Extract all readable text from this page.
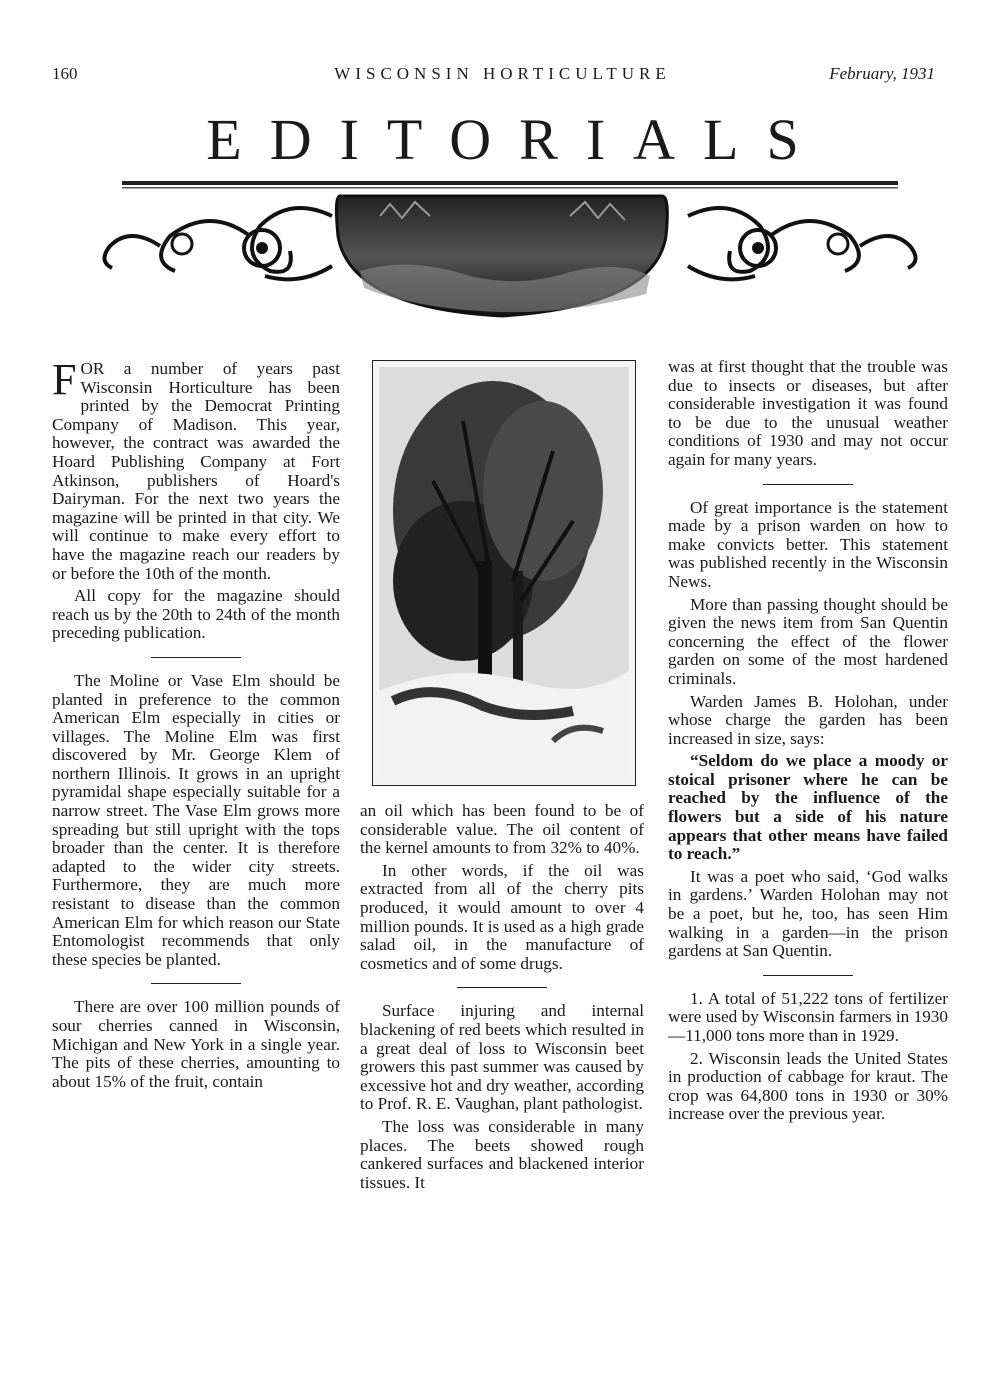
160	WISCONSIN HORTICULTURE	February, 1931
EDITORIALS

FOR a number of years past Wisconsin Horticulture has been printed by the Democrat Printing Company of Madison. This year, however, the contract was awarded the Hoard Publishing Company at Fort Atkinson, publishers of Hoard's Dairyman. For the next two years the magazine will be printed in that city. We will continue to make every effort to have the magazine reach our readers by or before the 10th of the month.

All copy for the magazine should reach us by the 20th to 24th of the month preceding publication.

The Moline or Vase Elm should be planted in preference to the common American Elm especially in cities or villages. The Moline Elm was first discovered by Mr. George Klem of northern Illinois. It grows in an upright pyramidal shape especially suitable for a narrow street. The Vase Elm grows more spreading but still upright with the tops broader than the center. It is therefore adapted to the wider city streets. Furthermore, they are much more resistant to disease than the common American Elm for which reason our State Entomologist recommends that only these species be planted.

There are over 100 million pounds of sour cherries canned in Wisconsin, Michigan and New York in a single year. The pits of these cherries, amounting to about 15% of the fruit, contain

an oil which has been found to be of considerable value. The oil content of the kernel amounts to from 32% to 40%.

In other words, if the oil was extracted from all of the cherry pits produced, it would amount to over 4 million pounds. It is used as a high grade salad oil, in the manufacture of cosmetics and of some drugs.

Surface injuring and internal blackening of red beets which resulted in a great deal of loss to Wisconsin beet growers this past summer was caused by excessive hot and dry weather, according to Prof. R. E. Vaughan, plant pathologist.

The loss was considerable in many places. The beets showed rough cankered surfaces and blackened interior tissues. It

was at first thought that the trouble was due to insects or diseases, but after considerable investigation it was found to be due to the unusual weather conditions of 1930 and may not occur again for many years.

Of great importance is the statement made by a prison warden on how to make convicts better. This statement was published recently in the Wisconsin News.

More than passing thought should be given the news item from San Quentin concerning the effect of the flower garden on some of the most hardened criminals.

Warden James B. Holohan, under whose charge the garden has been increased in size, says:

“Seldom do we place a moody or stoical prisoner where he can be reached by the influence of the flowers but a side of his nature appears that other means have failed to reach.”

It was a poet who said, ‘God walks in gardens.’ Warden Holohan may not be a poet, but he, too, has seen Him walking in a garden—in the prison gardens at San Quentin.

1. A total of 51,222 tons of fertilizer were used by Wisconsin farmers in 1930—11,000 tons more than in 1929.

2. Wisconsin leads the United States in production of cabbage for kraut. The crop was 64,800 tons in 1930 or 30% increase over the previous year.
